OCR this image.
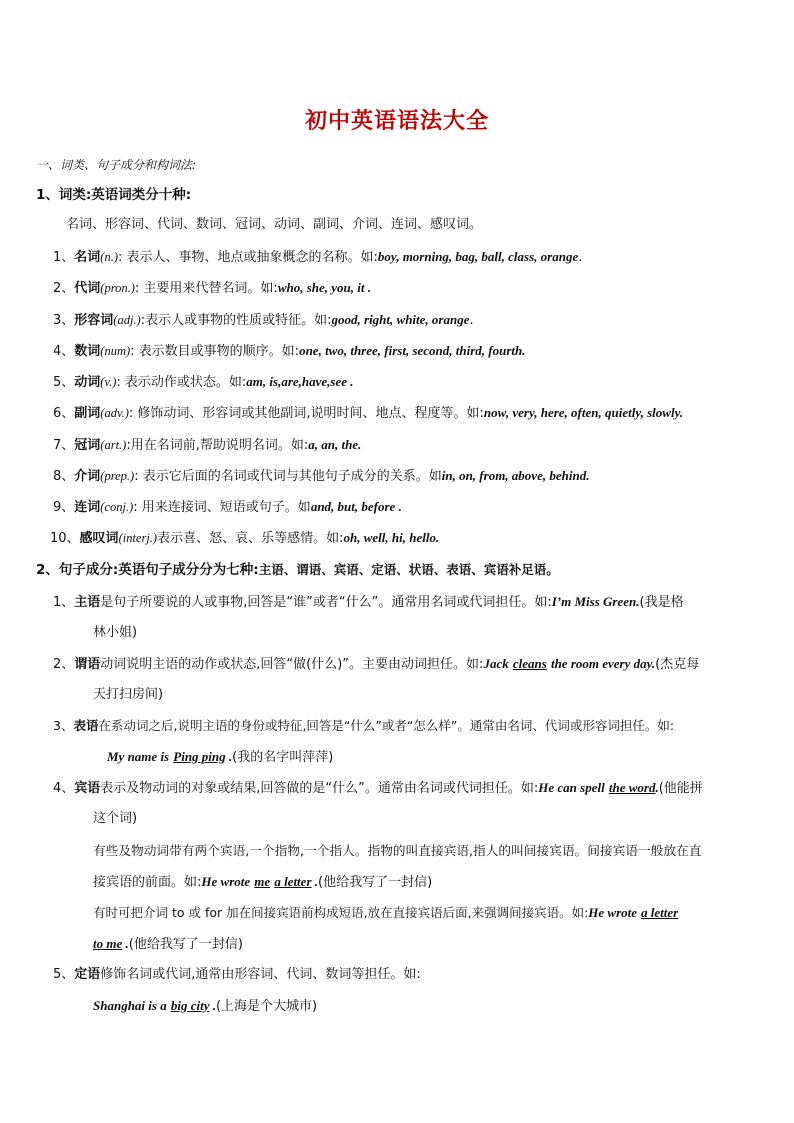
初中英语语法大全
一、词类、句子成分和构词法:
1、词类:英语词类分十种:
名词、形容词、代词、数词、冠词、动词、副词、介词、连词、感叹词。
1、名词(n.): 表示人、事物、地点或抽象概念的名称。如:boy, morning, bag, ball, class, orange.
2、代词(pron.): 主要用来代替名词。如:who, she, you, it .
3、形容词(adj.):表示人或事物的性质或特征。如:good, right, white, orange.
4、数词(num): 表示数目或事物的顺序。如:one, two, three, first, second, third, fourth.
5、动词(v.): 表示动作或状态。如:am, is,are,have,see .
6、副词(adv.): 修饰动词、形容词或其他副词,说明时间、地点、程度等。如:now, very, here, often, quietly, slowly.
7、冠词(art.):用在名词前,帮助说明名词。如:a, an, the.
8、介词(prep.): 表示它后面的名词或代词与其他句子成分的关系。如in, on, from, above, behind.
9、连词(conj.): 用来连接词、短语或句子。如and, but, before .
10、感叹词(interj.)表示喜、怒、哀、乐等感情。如:oh, well, hi, hello.
2、句子成分:英语句子成分分为七种:主语、谓语、宾语、定语、状语、表语、宾语补足语。
1、主语是句子所要说的人或事物,回答是“谁”或者“什么”。通常用名词或代词担任。如:I’m Miss Green.(我是格
林小姐)
2、谓语动词说明主语的动作或状态,回答“做(什么)”。主要由动词担任。如:Jack cleans the room every day.(杰克每
天打扫房间)
3、表语在系动词之后,说明主语的身份或特征,回答是“什么”或者“怎么样”。通常由名词、代词或形容词担任。如:
My name is Ping ping .(我的名字叫萍萍)
4、宾语表示及物动词的对象或结果,回答做的是“什么”。通常由名词或代词担任。如:He can spell the word.(他能拼
这个词)
有些及物动词带有两个宾语,一个指物,一个指人。指物的叫直接宾语,指人的叫间接宾语。间接宾语一般放在直
接宾语的前面。如:He wrote me a letter .(他给我写了一封信)
有时可把介词 to 或 for 加在间接宾语前构成短语,放在直接宾语后面,来强调间接宾语。如:He wrote a letter
to me .(他给我写了一封信)
5、定语修饰名词或代词,通常由形容词、代词、数词等担任。如:
Shanghai is a big city .(上海是个大城市)
